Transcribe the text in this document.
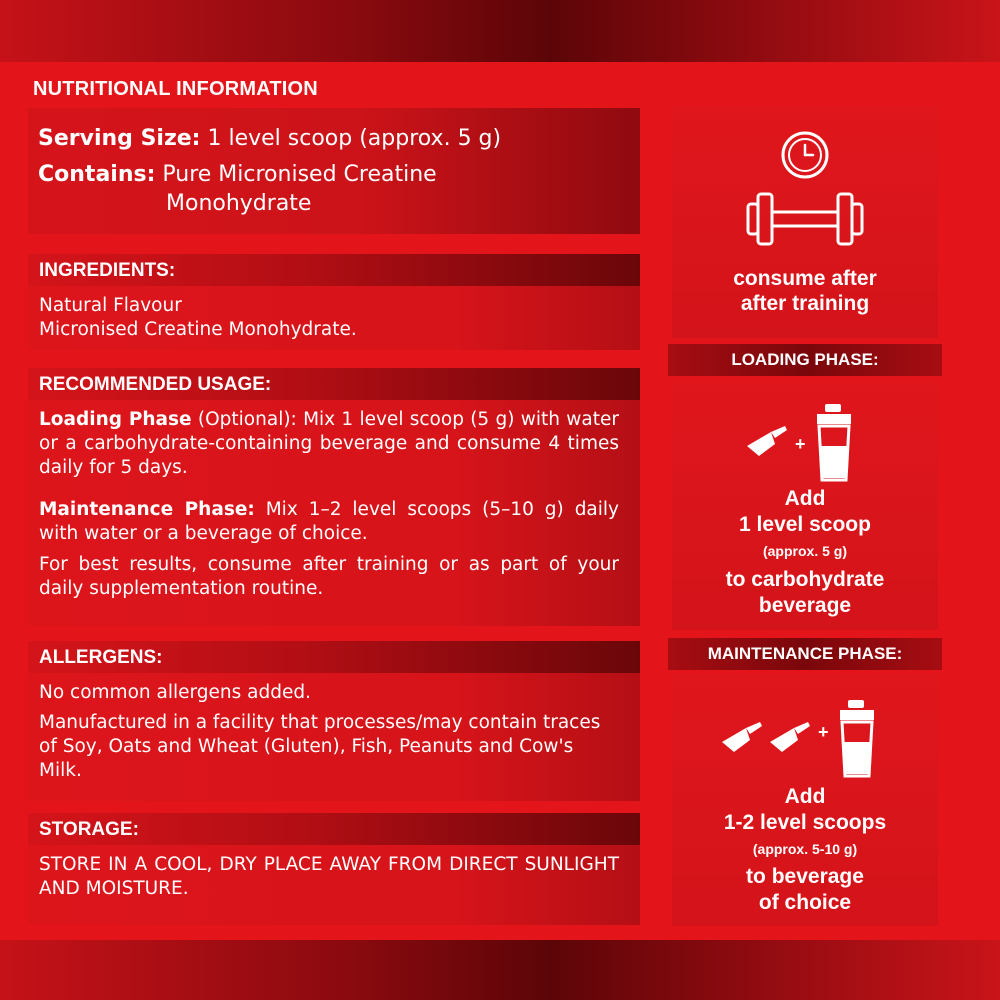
NUTRITIONAL INFORMATION
Serving Size: 1 level scoop (approx. 5 g)
Contains: Pure Micronised Creatine
Monohydrate
INGREDIENTS:

Natural Flavour

Micronised Creatine Monohydrate.

RECOMMENDED USAGE:

Loading Phase (Optional): Mix 1 level scoop (5 g) with water or a carbohydrate-containing beverage and consume 4 times daily for 5 days.

Maintenance Phase: Mix 1–2 level scoops (5–10 g) daily with water or a beverage of choice.

For best results, consume after training or as part of your daily supplementation routine.

ALLERGENS:

No common allergens added.

Manufactured in a facility that processes/may contain traces of Soy, Oats and Wheat (Gluten), Fish, Peanuts and Cow's Milk.

STORAGE:

STORE IN A COOL, DRY PLACE AWAY FROM DIRECT SUNLIGHT AND MOISTURE.

consume after
after training
LOADING PHASE:
+
Add
1 level scoop
(approx. 5 g)
to carbohydrate
beverage
MAINTENANCE PHASE:
+
Add
1-2 level scoops
(approx. 5-10 g)
to beverage
of choice
